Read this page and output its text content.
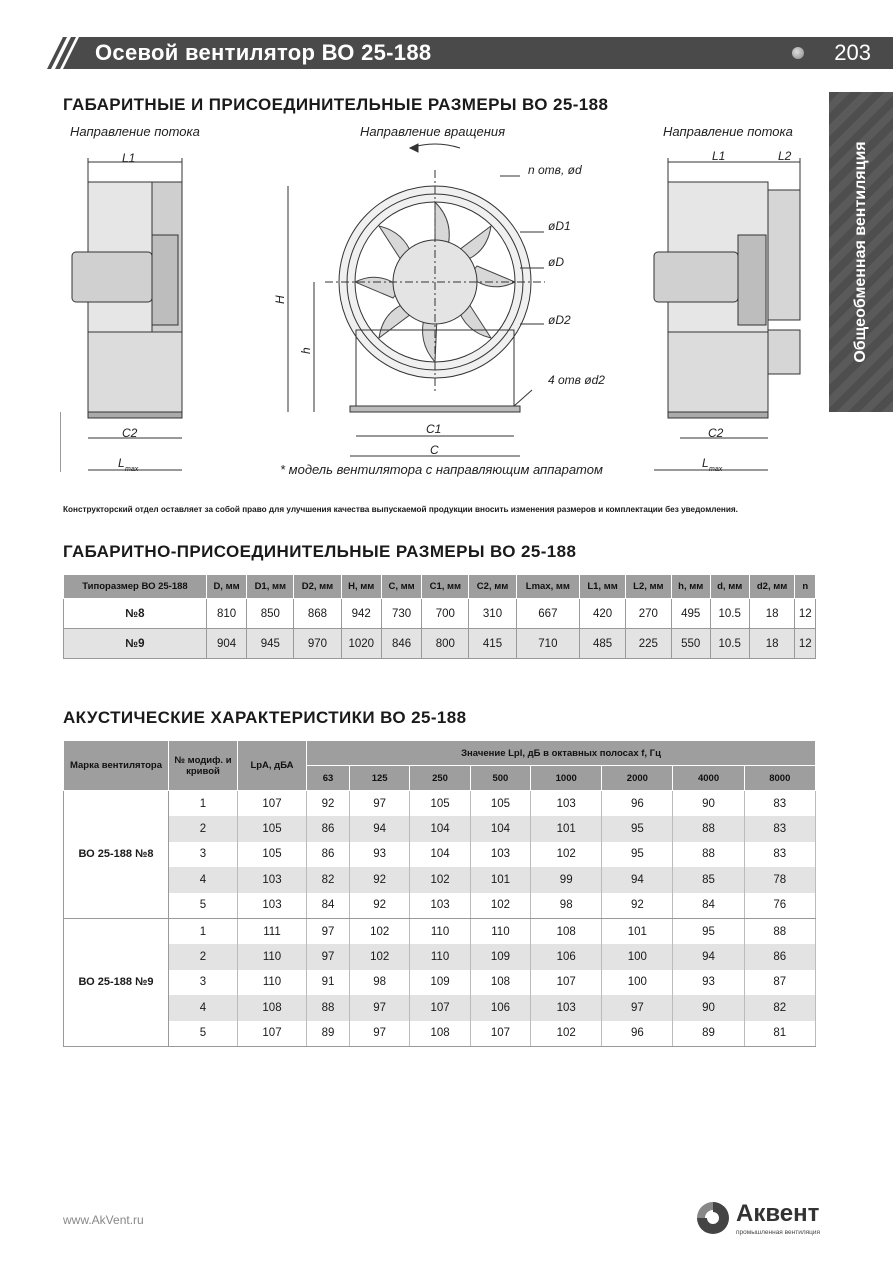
Осевой вентилятор ВО 25-188	203
Общеобменная вентиляция
ГАБАРИТНЫЕ И ПРИСОЕДИНИТЕЛЬНЫЕ РАЗМЕРЫ ВО 25-188
Направление потока	Направление вращения	Направление потока
L1
C2
L max
n отв, ød
øD1
øD
øD2
H
h
4 отв ød2
C1
C
* модель вентилятора с направляющим аппаратом
L1	L2
C2
L max
Конструкторский отдел оставляет за собой право для улучшения качества выпускаемой продукции вносить изменения размеров и комплектации без уведомления.
ГАБАРИТНО-ПРИСОЕДИНИТЕЛЬНЫЕ РАЗМЕРЫ ВО 25-188
Типоразмер ВО 25-188	D, мм	D1, мм	D2, мм	H, мм	C, мм	C1, мм	C2, мм	Lmax, мм	L1, мм	L2, мм	h, мм	d, мм	d2, мм	n
№8	810	850	868	942	730	700	310	667	420	270	495	10.5	18	12
№9	904	945	970	1020	846	800	415	710	485	225	550	10.5	18	12
АКУСТИЧЕСКИЕ ХАРАКТЕРИСТИКИ ВО 25-188
Марка вентилятора	№ модиф. и кривой	LpA, дБА	Значение Lpl, дБ в октавных полосах f, Гц							
			63	125	250	500	1000	2000	4000	8000
ВО 25-188 №8	1	107	92	97	105	105	103	96	90	83
	2	105	86	94	104	104	101	95	88	83
	3	105	86	93	104	103	102	95	88	83
	4	103	82	92	102	101	99	94	85	78
	5	103	84	92	103	102	98	92	84	76
ВО 25-188 №9	1	111	97	102	110	110	108	101	95	88
	2	110	97	102	110	109	106	100	94	86
	3	110	91	98	109	108	107	100	93	87
	4	108	88	97	107	106	103	97	90	82
	5	107	89	97	108	107	102	96	89	81
www.AkVent.ru	Аквент
промышленная вентиляция
